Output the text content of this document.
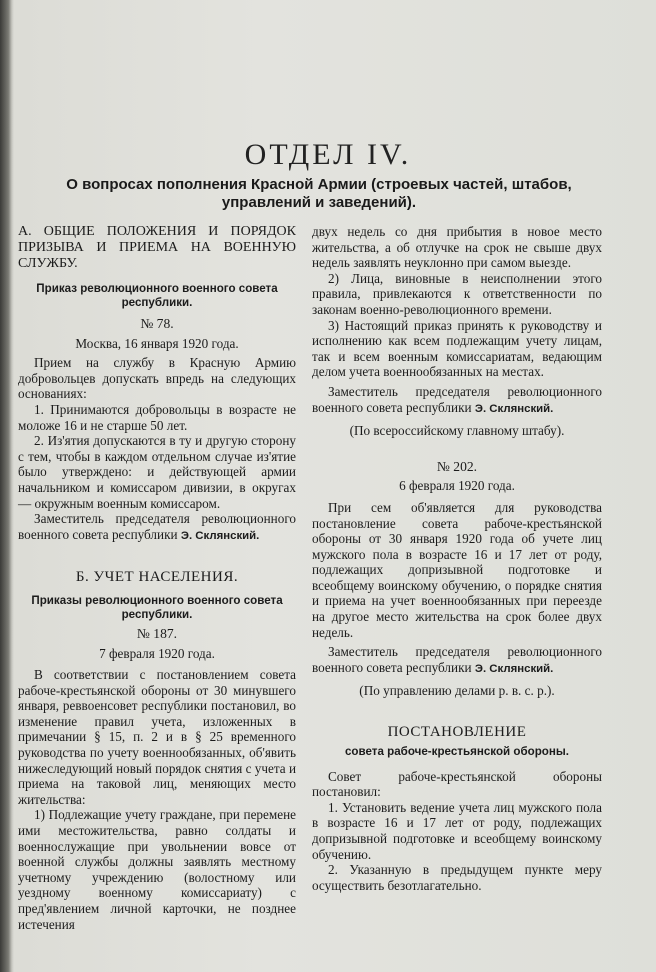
ОТДЕЛ IV.
О вопросах пополнения Красной Армии (строевых частей, штабов, управлений и заведений).

А. ОБЩИЕ ПОЛОЖЕНИЯ И ПОРЯДОК ПРИЗЫВА И ПРИЕМА НА ВОЕННУЮ СЛУЖБУ.

Приказ революционного военного совета республики.

№ 78.

Москва, 16 января 1920 года.

Прием на службу в Красную Армию добровольцев допускать впредь на следующих основаниях:

1. Принимаются добровольцы в возрасте не моложе 16 и не старше 50 лет.

2. Из'ятия допускаются в ту и другую сторону с тем, чтобы в каждом отдельном случае из'ятие было утверждено: и действующей армии начальником и комиссаром дивизии, в округах — окружным военным комиссаром.

Заместитель председателя революционного военного совета республики Э. Склянский.

Б. УЧЕТ НАСЕЛЕНИЯ.

Приказы революционного военного совета республики.

№ 187.

7 февраля 1920 года.

В соответствии с постановлением совета рабоче-крестьянской обороны от 30 минувшего января, реввоенсовет республики постановил, во изменение правил учета, изложенных в примечании § 15, п. 2 и в § 25 временного руководства по учету военнообязанных, об'явить нижеследующий новый порядок снятия с учета и приема на таковой лиц, меняющих место жительства:

1) Подлежащие учету граждане, при перемене ими местожительства, равно солдаты и военнослужащие при увольнении вовсе от военной службы должны заявлять местному учетному учреждению (волостному или уездному военному комиссариату) с пред'явлением личной карточки, не позднее истечения

двух недель со дня прибытия в новое место жительства, а об отлучке на срок не свыше двух недель заявлять неуклонно при самом выезде.

2) Лица, виновные в неисполнении этого правила, привлекаются к ответственности по законам военно-революционного времени.

3) Настоящий приказ принять к руководству и исполнению как всем подлежащим учету лицам, так и всем военным комиссариатам, ведающим делом учета военнообязанных на местах.

Заместитель председателя революционного военного совета республики Э. Склянский.

(По всероссийскому главному штабу).

№ 202.

6 февраля 1920 года.

При сем об'является для руководства постановление совета рабоче-крестьянской обороны от 30 января 1920 года об учете лиц мужского пола в возрасте 16 и 17 лет от роду, подлежащих допризывной подготовке и всеобщему воинскому обучению, о порядке снятия и приема на учет военнообязанных при переезде на другое место жительства на срок более двух недель.

Заместитель председателя революционного военного совета республики Э. Склянский.

(По управлению делами р. в. с. р.).

ПОСТАНОВЛЕНИЕ

совета рабоче-крестьянской обороны.

Совет рабоче-крестьянской обороны постановил:

1. Установить ведение учета лиц мужского пола в возрасте 16 и 17 лет от роду, подлежащих допризывной подготовке и всеобщему воинскому обучению.

2. Указанную в предыдущем пункте меру осуществить безотлагательно.
